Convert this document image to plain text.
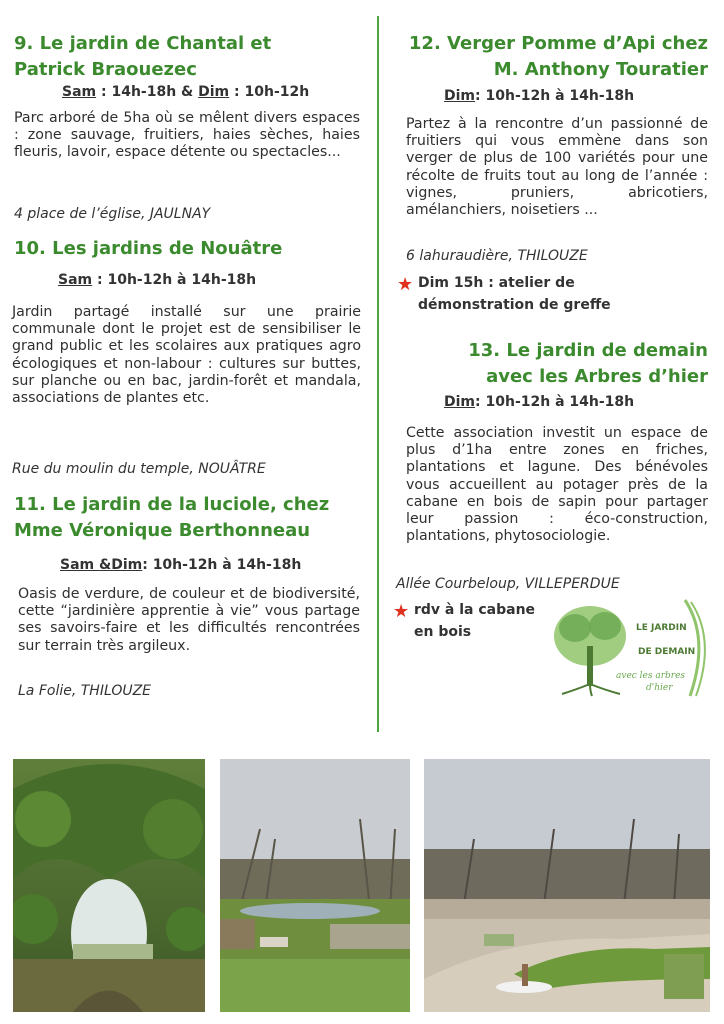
9. Le jardin de Chantal et
Patrick Braouezec
Sam : 14h-18h & Dim : 10h-12h

Parc arboré de 5ha où se mêlent divers espaces : zone sauvage, fruitiers, haies sèches, haies fleuris, lavoir, espace détente ou spectacles...

4 place de l’église, JAULNAY
10. Les jardins de Nouâtre
Sam : 10h-12h à 14h-18h

Jardin partagé installé sur une prairie communale dont le projet est de sensibiliser le grand public et les scolaires aux pratiques agro écologiques et non-labour : cultures sur buttes, sur planche ou en bac, jardin-forêt et mandala, associations de plantes etc.

Rue du moulin du temple, NOUÂTRE
11. Le jardin de la luciole, chez
Mme Véronique Berthonneau
Sam &Dim: 10h-12h à 14h-18h

Oasis de verdure, de couleur et de biodiversité, cette “jardinière apprentie à vie” vous partage ses savoirs-faire et les difficultés rencontrées sur terrain très argileux.

La Folie, THILOUZE
12. Verger Pomme d’Api chez
M. Anthony Touratier
Dim: 10h-12h à 14h-18h

Partez à la rencontre d’un passionné de fruitiers qui vous emmène dans son verger de plus de 100 variétés pour une récolte de fruits tout au long de l’année : vignes, pruniers, abricotiers, amélanchiers, noisetiers ...

6 lahuraudière, THILOUZE
★ Dim 15h : atelier de
démonstration de greffe
13. Le jardin de demain
avec les Arbres d’hier
Dim: 10h-12h à 14h-18h

Cette association investit un espace de plus d’1ha entre zones en friches, plantations et lagune. Des bénévoles vous accueillent au potager près de la cabane en bois de sapin pour partager leur passion : éco-construction, plantations, phytosociologie.

Allée Courbeloup, VILLEPERDUE
★ rdv à la cabane
en bois	LE JARDIN
DE DEMAIN
avec les arbres
d'hier
